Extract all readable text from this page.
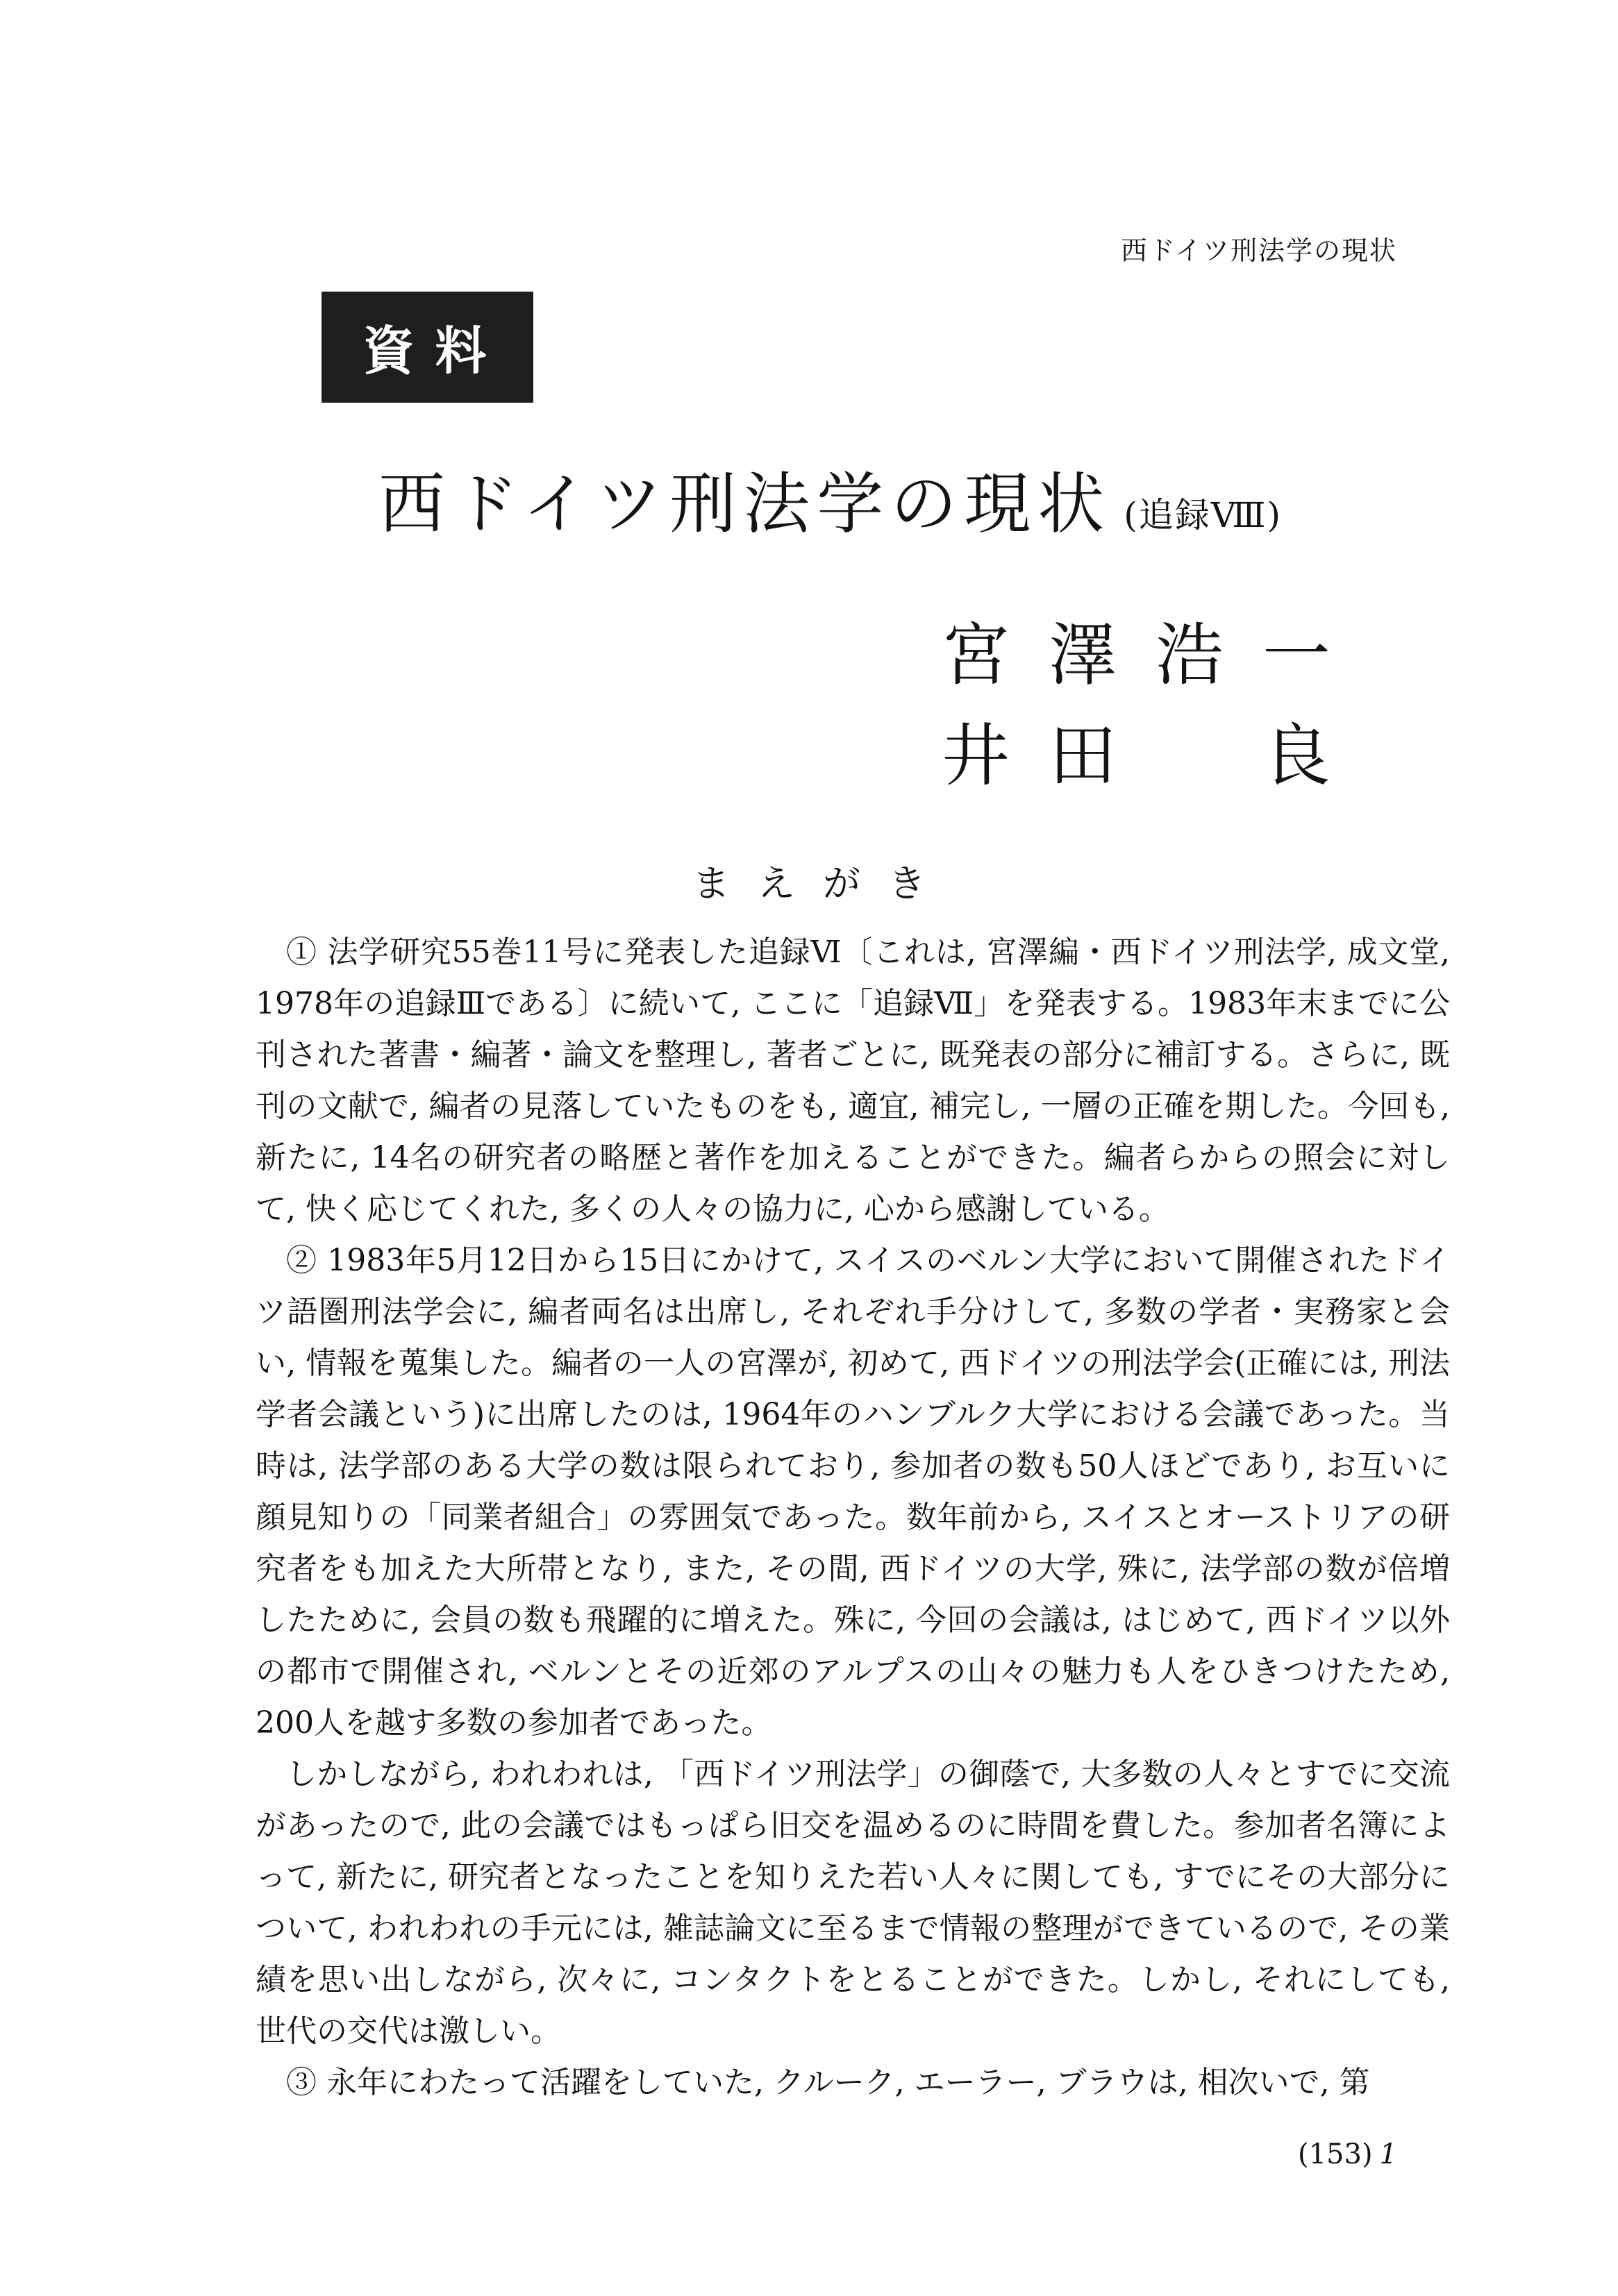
西ドイツ刑法学の現状
資料
西ドイツ刑法学の現状 (追録Ⅷ)
宮 澤 浩 一
井 田 良
まえがき

① 法学研究55巻11号に発表した追録Ⅵ〔これは, 宮澤編・西ドイツ刑法学, 成文堂, 1978年の追録Ⅲである〕に続いて, ここに「追録Ⅶ」を発表する。1983年末までに公刊された著書・編著・論文を整理し, 著者ごとに, 既発表の部分に補訂する。さらに, 既刊の文献で, 編者の見落していたものをも, 適宜, 補完し, 一層の正確を期した。今回も, 新たに, 14名の研究者の略歴と著作を加えることができた。編者らからの照会に対して, 快く応じてくれた, 多くの人々の協力に, 心から感謝している。

② 1983年5月12日から15日にかけて, スイスのベルン大学において開催されたドイツ語圏刑法学会に, 編者両名は出席し, それぞれ手分けして, 多数の学者・実務家と会い, 情報を蒐集した。編者の一人の宮澤が, 初めて, 西ドイツの刑法学会(正確には, 刑法学者会議という)に出席したのは, 1964年のハンブルク大学における会議であった。当時は, 法学部のある大学の数は限られており, 参加者の数も50人ほどであり, お互いに顔見知りの「同業者組合」の雰囲気であった。数年前から, スイスとオーストリアの研究者をも加えた大所帯となり, また, その間, 西ドイツの大学, 殊に, 法学部の数が倍増したために, 会員の数も飛躍的に増えた。殊に, 今回の会議は, はじめて, 西ドイツ以外の都市で開催され, ベルンとその近郊のアルプスの山々の魅力も人をひきつけたため, 200人を越す多数の参加者であった。

しかしながら, われわれは, 「西ドイツ刑法学」の御蔭で, 大多数の人々とすでに交流があったので, 此の会議ではもっぱら旧交を温めるのに時間を費した。参加者名簿によって, 新たに, 研究者となったことを知りえた若い人々に関しても, すでにその大部分について, われわれの手元には, 雑誌論文に至るまで情報の整理ができているので, その業績を思い出しながら, 次々に, コンタクトをとることができた。しかし, それにしても, 世代の交代は激しい。

③ 永年にわたって活躍をしていた, クルーク, エーラー, ブラウは, 相次いで, 第

(153) 1
